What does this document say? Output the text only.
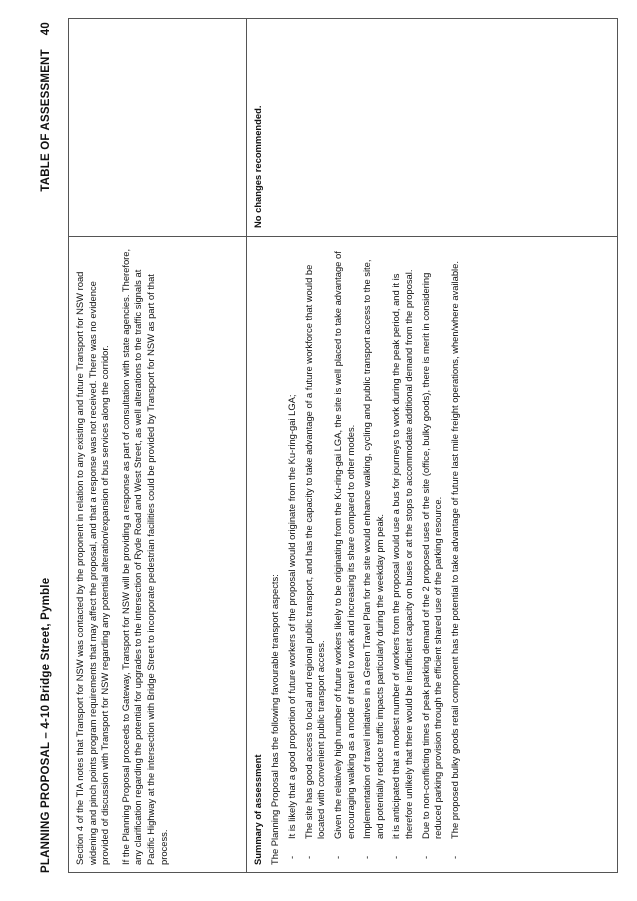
PLANNING PROPOSAL – 4-10 Bridge Street, Pymble
TABLE OF ASSESSMENT40

Section 4 of the TIA notes that Transport for NSW was contacted by the proponent in relation to any existing and future Transport for NSW road widening and pinch points program requirements that may affect the proposal, and that a response was not received. There was no evidence provided of discussion with Transport for NSW regarding any potential alteration/expansion of bus services along the corridor. If the Planning Proposal proceeds to Gateway, Transport for NSW will be providing a response as part of consultation with state agencies. Therefore, any clarification regarding the potential for upgrades to the intersection of Ryde Road and West Street, as well alterations to the traffic signals at Pacific Highway at the intersection with Bridge Street to incorporate pedestrian facilities could be provided by Transport for NSW as part of that process.	Summary of assessment The Planning Proposal has the following favourable transport aspects: -
It is likely that a good proportion of future workers of the proposal would originate from the Ku-ring-gai LGA;
-
The site has good access to local and regional public transport, and has the capacity to take advantage of a future workforce that would be located with convenient public transport access.
-
Given the relatively high number of future workers likely to be originating from the Ku-ring-gai LGA, the site is well placed to take advantage of encouraging walking as a mode of travel to work and increasing its share compared to other modes.
-
Implementation of travel initiatives in a Green Travel Plan for the site would enhance walking, cycling and public transport access to the site, and potentially reduce traffic impacts particularly during the weekday pm peak.
-
it is anticipated that a modest number of workers from the proposal would use a bus for journeys to work during the peak period, and it is therefore unlikely that there would be insufficient capacity on buses or at the stops to accommodate additional demand from the proposal.
-
Due to non-conflicting times of peak parking demand of the 2 proposed uses of the site (office, bulky goods), there is merit in considering reduced parking provision through the efficient shared use of the parking resource.
-
The proposed bulky goods retail component has the potential to take advantage of future last mile freight operations, when/where available.

No changes recommended.
